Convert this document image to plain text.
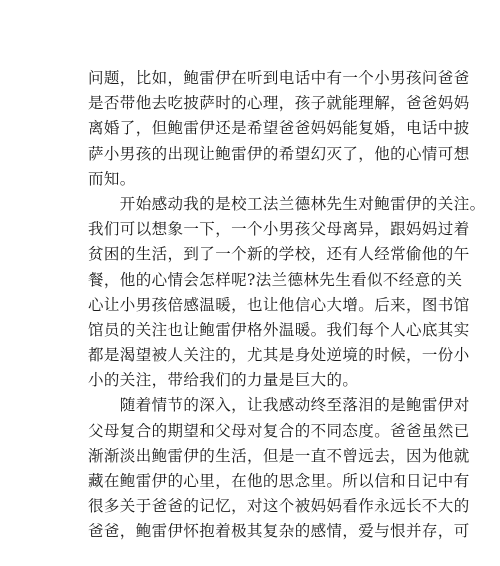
问题，比如，鲍雷伊在听到电话中有一个小男孩问爸爸
是否带他去吃披萨时的心理，孩子就能理解，爸爸妈妈
离婚了，但鲍雷伊还是希望爸爸妈妈能复婚，电话中披
萨小男孩的出现让鲍雷伊的希望幻灭了，他的心情可想
而知。
　　开始感动我的是校工法兰德林先生对鲍雷伊的关注。
我们可以想象一下，一个小男孩父母离异，跟妈妈过着
贫困的生活，到了一个新的学校，还有人经常偷他的午
餐，他的心情会怎样呢?法兰德林先生看似不经意的关
心让小男孩倍感温暖，也让他信心大增。后来，图书馆
馆员的关注也让鲍雷伊格外温暖。我们每个人心底其实
都是渴望被人关注的，尤其是身处逆境的时候，一份小
小的关注，带给我们的力量是巨大的。
　　随着情节的深入，让我感动终至落泪的是鲍雷伊对
父母复合的期望和父母对复合的不同态度。爸爸虽然已
渐渐淡出鲍雷伊的生活，但是一直不曾远去，因为他就
藏在鲍雷伊的心里，在他的思念里。所以信和日记中有
很多关于爸爸的记忆，对这个被妈妈看作永远长不大的
爸爸，鲍雷伊怀抱着极其复杂的感情，爱与恨并存，可
